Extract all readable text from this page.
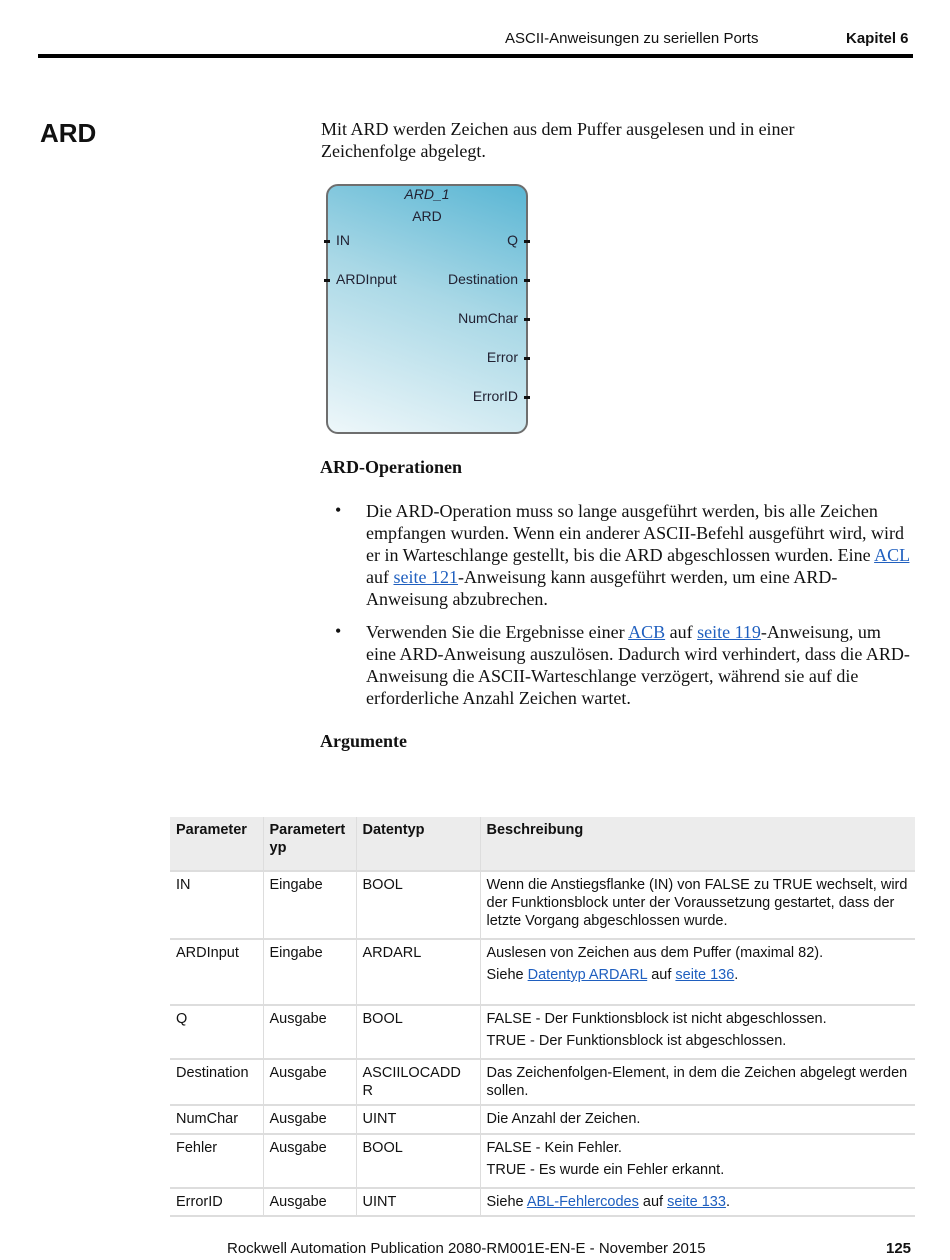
ASCII-Anweisungen zu seriellen Ports	Kapitel 6
ARD	Mit ARD werden Zeichen aus dem Puffer ausgelesen und in einer Zeichenfolge abgelegt.
ARD_1
ARD
IN
ARDInput
Q
Destination
NumChar
Error
ErrorID
ARD-Operationen
• Die ARD-Operation muss so lange ausgeführt werden, bis alle Zeichen empfangen wurden. Wenn ein anderer ASCII-Befehl ausgeführt wird, wird er in Warteschlange gestellt, bis die ARD abgeschlossen wurden. Eine ACL auf seite 121-Anweisung kann ausgeführt werden, um eine ARD-Anweisung abzubrechen.
• Verwenden Sie die Ergebnisse einer ACB auf seite 119-Anweisung, um eine ARD-Anweisung auszulösen. Dadurch wird verhindert, dass die ARD-Anweisung die ASCII-Warteschlange verzögert, während sie auf die erforderliche Anzahl Zeichen wartet.
Argumente
Parameter	Parametert yp	Datentyp	Beschreibung
IN	Eingabe	BOOL	Wenn die Anstiegsflanke (IN) von FALSE zu TRUE wechselt, wird der Funktionsblock unter der Voraussetzung gestartet, dass der letzte Vorgang abgeschlossen wurde.
ARDInput	Eingabe	ARDARL	Auslesen von Zeichen aus dem Puffer (maximal 82).

Siehe Datentyp ARDARL auf seite 136.

Q	Ausgabe	BOOL	FALSE - Der Funktionsblock ist nicht abgeschlossen.

TRUE - Der Funktionsblock ist abgeschlossen.

Destination	Ausgabe	ASCIILOCADD R	Das Zeichenfolgen-Element, in dem die Zeichen abgelegt werden sollen.
NumChar	Ausgabe	UINT	Die Anzahl der Zeichen.
Fehler	Ausgabe	BOOL	FALSE - Kein Fehler.

TRUE - Es wurde ein Fehler erkannt.

ErrorID	Ausgabe	UINT	Siehe ABL-Fehlercodes auf seite 133.
Rockwell Automation Publication 2080-RM001E-EN-E - November 2015	125
